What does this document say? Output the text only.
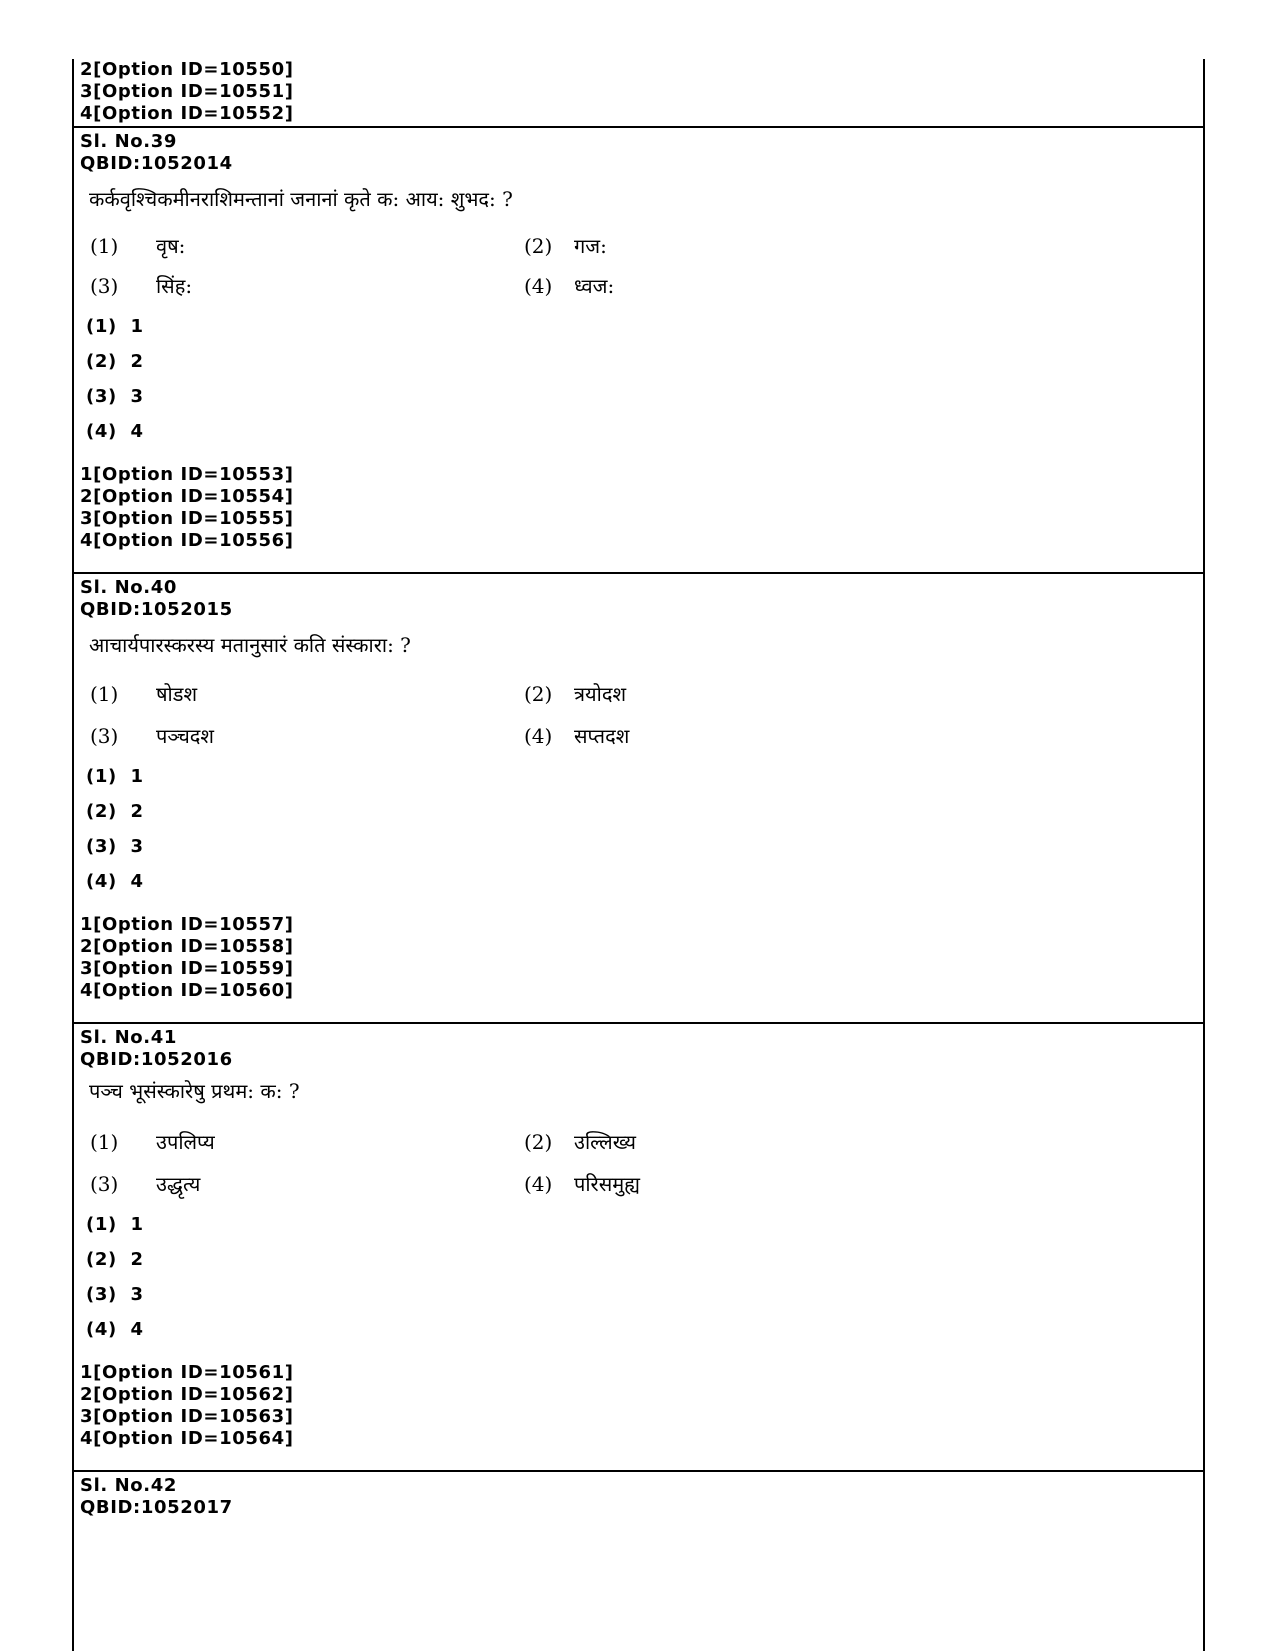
2[Option ID=10550]
3[Option ID=10551]
4[Option ID=10552]
Sl. No.39
QBID:1052014
कर्कवृश्चिकमीनराशिमन्तानां जनानां कृते क: आय: शुभद: ?
(1) वृष:	(2) गज:
(3) सिंह:	(4) ध्वज:
(1)  1
(2)  2
(3)  3
(4)  4
1[Option ID=10553]
2[Option ID=10554]
3[Option ID=10555]
4[Option ID=10556]
Sl. No.40
QBID:1052015
आचार्यपारस्करस्य मतानुसारं कति संस्कारा: ?
(1) षोडश	(2) त्रयोदश
(3) पञ्चदश	(4) सप्तदश
(1)  1
(2)  2
(3)  3
(4)  4
1[Option ID=10557]
2[Option ID=10558]
3[Option ID=10559]
4[Option ID=10560]
Sl. No.41
QBID:1052016
पञ्च भूसंस्कारेषु प्रथम: क: ?
(1) उपलिप्य	(2) उल्लिख्य
(3) उद्धृत्य	(4) परिसमुह्य
(1)  1
(2)  2
(3)  3
(4)  4
1[Option ID=10561]
2[Option ID=10562]
3[Option ID=10563]
4[Option ID=10564]
Sl. No.42
QBID:1052017
